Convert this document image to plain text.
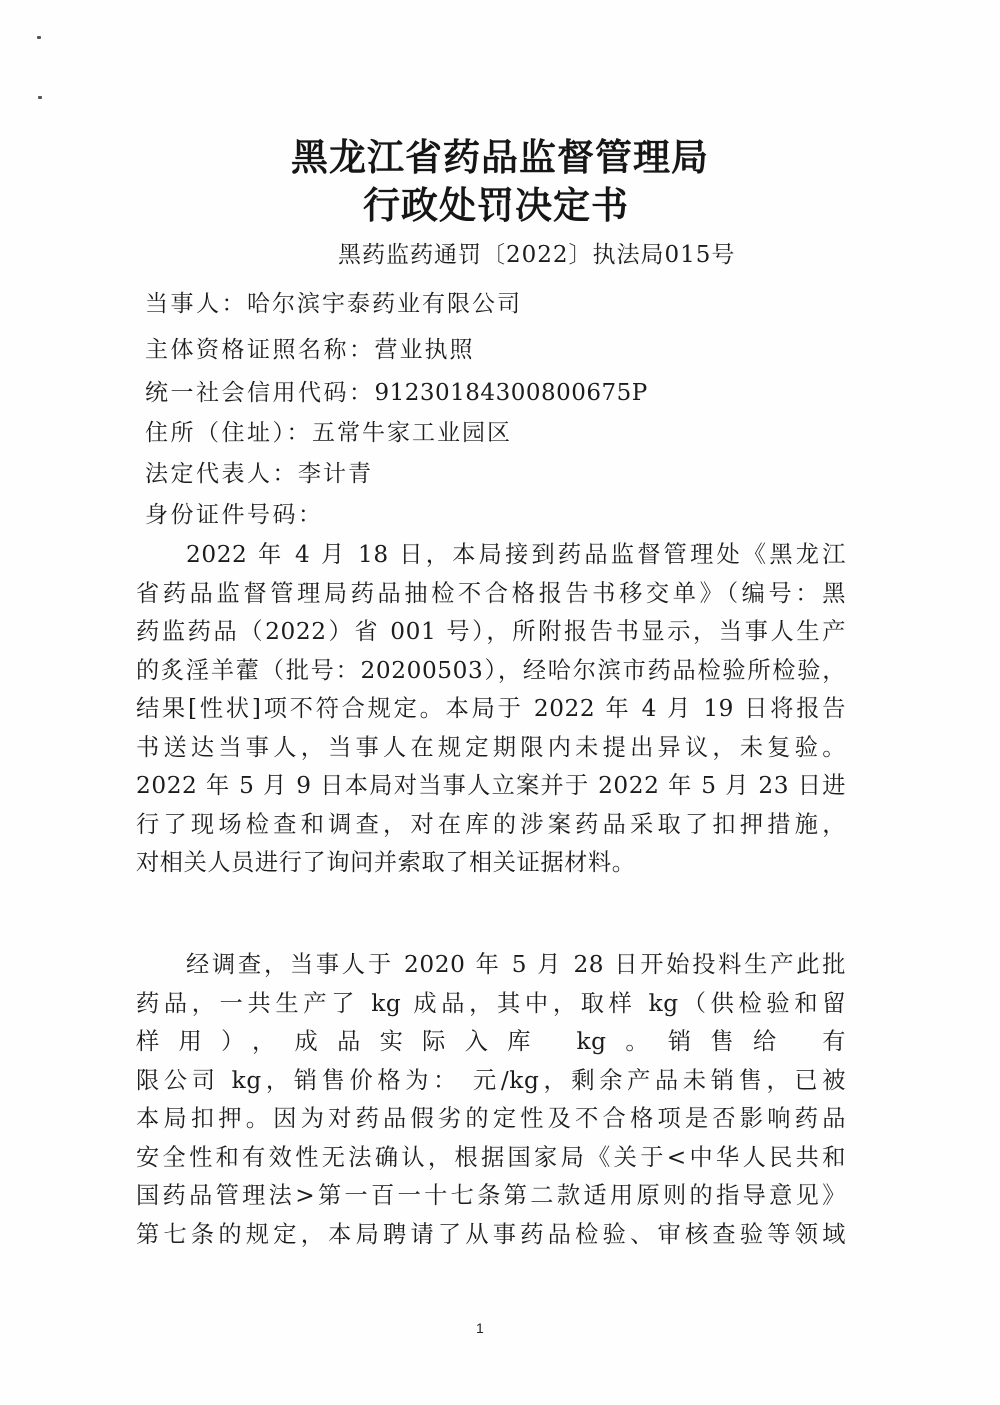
黑龙江省药品监督管理局
行政处罚决定书
黑药监药通罚〔2022〕执法局015号
当事人：哈尔滨宇泰药业有限公司
主体资格证照名称：营业执照
统一社会信用代码：91230184300800675P
住所（住址）：五常牛家工业园区
法定代表人：李计青
身份证件号码：
2022 年 4 月 18 日，本局接到药品监督管理处《黑龙江
省药品监督管理局药品抽检不合格报告书移交单》（编号：黑
药监药品（2022）省 001 号），所附报告书显示，当事人生产
的炙淫羊藿（批号：20200503），经哈尔滨市药品检验所检验，
结果[性状]项不符合规定。本局于 2022 年 4 月 19 日将报告
书送达当事人，当事人在规定期限内未提出异议，未复验。
2022 年 5 月 9 日本局对当事人立案并于 2022 年 5 月 23 日进
行了现场检查和调查，对在库的涉案药品采取了扣押措施，
对相关人员进行了询问并索取了相关证据材料。
经调查，当事人于 2020 年 5 月 28 日开始投料生产此批
药品，一共生产了 kg 成品，其中，取样 kg（供检验和留
样用），成品实际入库 kg。销售给 有
限公司 kg，销售价格为： 元/kg，剩余产品未销售，已被
本局扣押。因为对药品假劣的定性及不合格项是否影响药品
安全性和有效性无法确认，根据国家局《关于<中华人民共和
国药品管理法>第一百一十七条第二款适用原则的指导意见》
第七条的规定，本局聘请了从事药品检验、审核查验等领域
1
